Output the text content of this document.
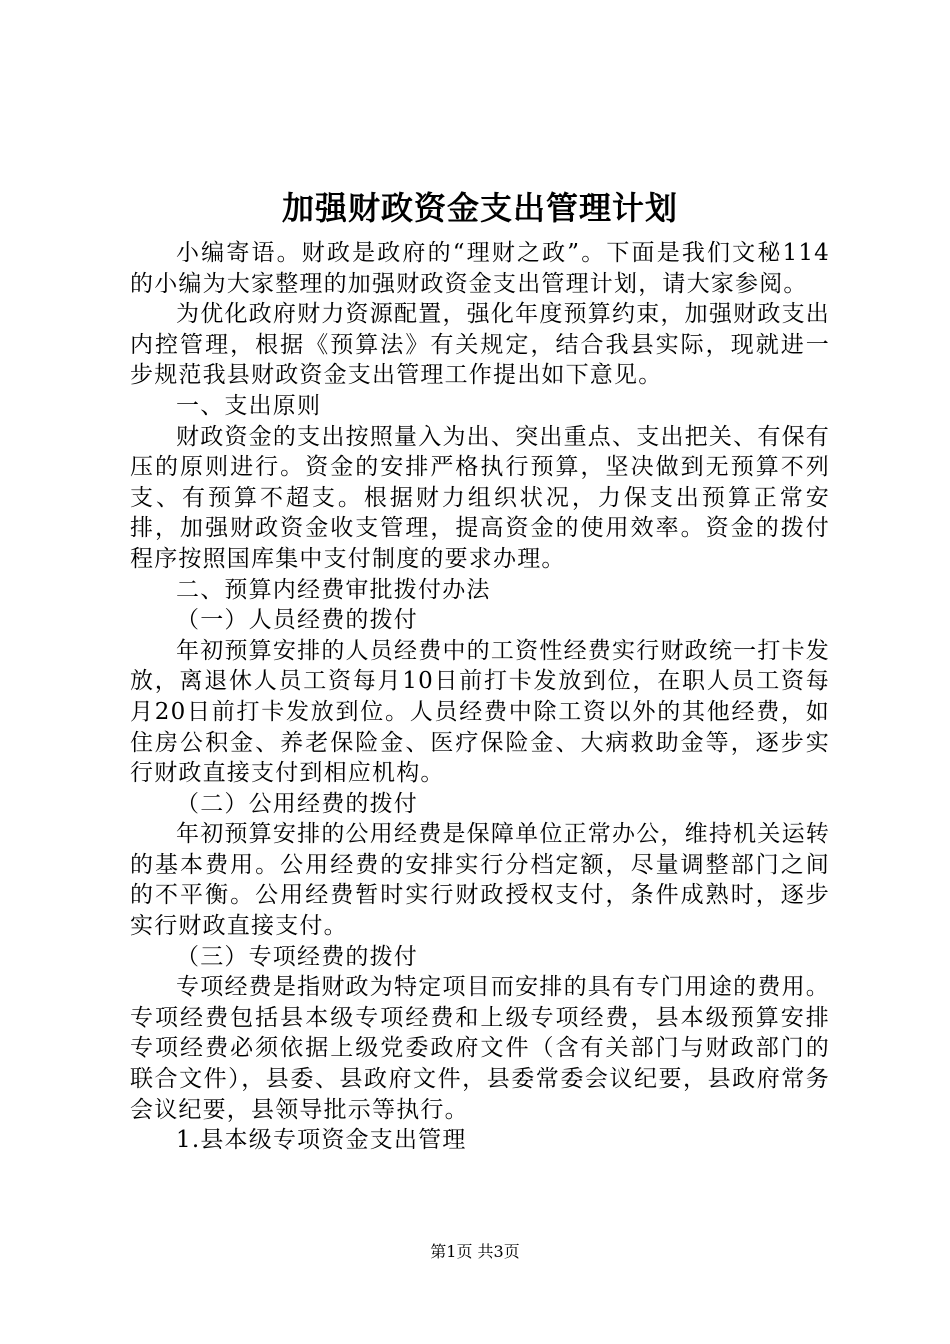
加强财政资金支出管理计划

小编寄语。财政是政府的“理财之政”。下面是我们文秘114的小编为大家整理的加强财政资金支出管理计划，请大家参阅。

为优化政府财力资源配置，强化年度预算约束，加强财政支出内控管理，根据《预算法》有关规定，结合我县实际，现就进一步规范我县财政资金支出管理工作提出如下意见。

一、支出原则

财政资金的支出按照量入为出、突出重点、支出把关、有保有压的原则进行。资金的安排严格执行预算，坚决做到无预算不列支、有预算不超支。根据财力组织状况，力保支出预算正常安排，加强财政资金收支管理，提高资金的使用效率。资金的拨付程序按照国库集中支付制度的要求办理。

二、预算内经费审批拨付办法

（一）人员经费的拨付

年初预算安排的人员经费中的工资性经费实行财政统一打卡发放，离退休人员工资每月10日前打卡发放到位，在职人员工资每月20日前打卡发放到位。人员经费中除工资以外的其他经费，如住房公积金、养老保险金、医疗保险金、大病救助金等，逐步实行财政直接支付到相应机构。

（二）公用经费的拨付

年初预算安排的公用经费是保障单位正常办公，维持机关运转的基本费用。公用经费的安排实行分档定额，尽量调整部门之间的不平衡。公用经费暂时实行财政授权支付，条件成熟时，逐步实行财政直接支付。

（三）专项经费的拨付

专项经费是指财政为特定项目而安排的具有专门用途的费用。专项经费包括县本级专项经费和上级专项经费，县本级预算安排专项经费必须依据上级党委政府文件（含有关部门与财政部门的联合文件），县委、县政府文件，县委常委会议纪要，县政府常务会议纪要，县领导批示等执行。

1.县本级专项资金支出管理

第1页 共3页
